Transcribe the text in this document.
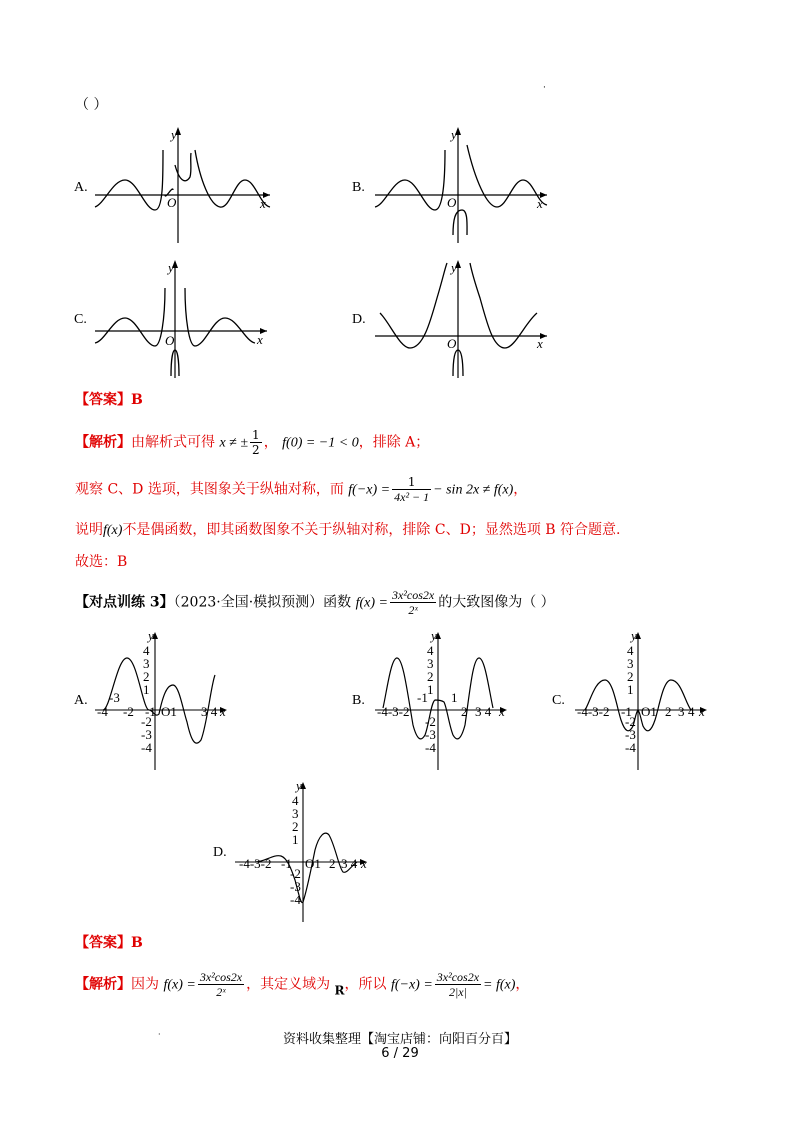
·
（ ）
A.
y
x
O
B.
y
x
O
C.
y
x
O
D.
y
x
O
【答案】B
【解析】由解析式可得 x ≠ ± $\frac{1}{2}$ ， f(0) = −1 < 0，排除 A；
观察 C、D 选项，其图象关于纵轴对称，而 $f(-x) = \frac{1}{\text{4x² − 1}} - \sin 2x \ne f(x)$，
说明f(x)不是偶函数，即其函数图象不关于纵轴对称，排除 C、D；显然选项 B 符合题意.
故选：B
【对点训练 3】（2023·全国·模拟预测）函数 $f(x) = \frac{\text{3x²cos2x}}{\text{2ˣ}}$ 的大致图像为（ ）
A.
y
4
3
2
1
-2
-3
-4
-3
-4 -2 -1 O1 3 4 x
B.
y
4
3
2
1
-2
-3
-4
-1 1
-4-3-2	2 3 4 x
C.
y
4
3
2
1
-2
-3
-4
-4-3-2 -1 O1 2 3 4 x
D.
y
4
3
2
1
-2
-3
-4
-4-3-2 -1 O1 2 3 4 x
【答案】B
【解析】因为 $f(x) = \frac{\text{3x²cos2x}}{\text{2ˣ}}$ ，其定义域为 R，所以 $f(-x) = \frac{\text{3x²cos2x}}{2|x|} = f(x)$，
·	资料收集整理【淘宝店铺：向阳百分百】
6 / 29
